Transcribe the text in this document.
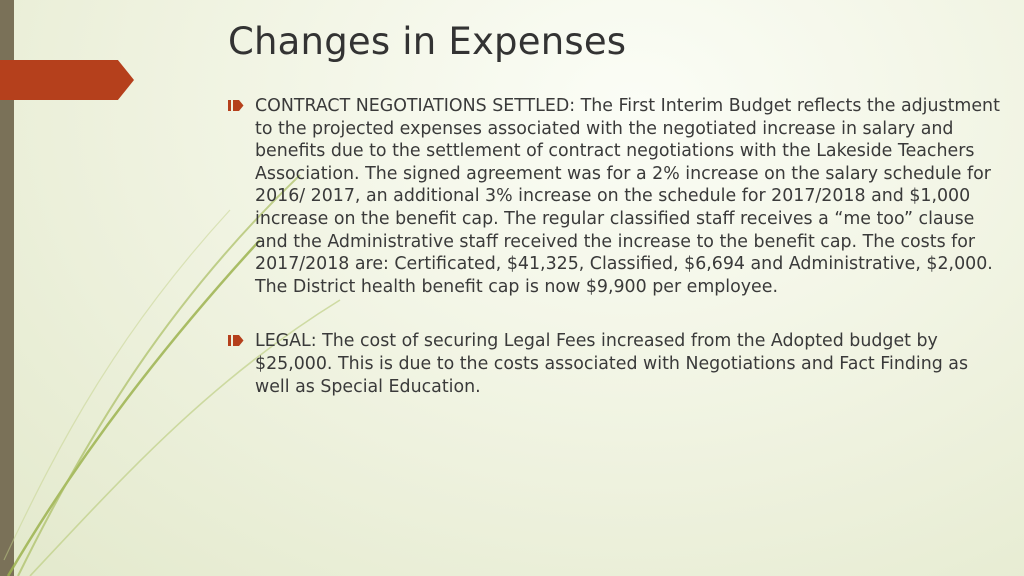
Changes in Expenses
CONTRACT NEGOTIATIONS SETTLED: The First Interim Budget reflects the adjustment to the projected expenses associated with the negotiated increase in salary and benefits due to the settlement of contract negotiations with the Lakeside Teachers Association. The signed agreement was for a 2% increase on the salary schedule for 2016/ 2017, an additional 3% increase on the schedule for 2017/2018 and $1,000 increase on the benefit cap. The regular classified staff receives a “me too” clause and the Administrative staff received the increase to the benefit cap. The costs for 2017/2018 are: Certificated, $41,325, Classified, $6,694 and Administrative, $2,000. The District health benefit cap is now $9,900 per employee.
LEGAL: The cost of securing Legal Fees increased from the Adopted budget by $25,000. This is due to the costs associated with Negotiations and Fact Finding as well as Special Education.
